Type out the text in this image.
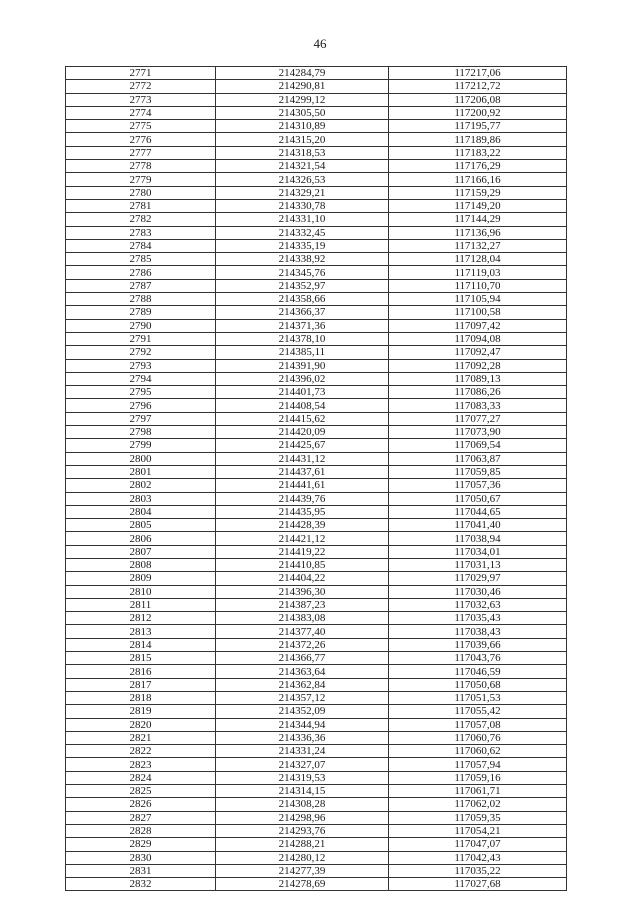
46
2771	214284,79	117217,06
2772	214290,81	117212,72
2773	214299,12	117206,08
2774	214305,50	117200,92
2775	214310,89	117195,77
2776	214315,20	117189,86
2777	214318,53	117183,22
2778	214321,54	117176,29
2779	214326,53	117166,16
2780	214329,21	117159,29
2781	214330,78	117149,20
2782	214331,10	117144,29
2783	214332,45	117136,96
2784	214335,19	117132,27
2785	214338,92	117128,04
2786	214345,76	117119,03
2787	214352,97	117110,70
2788	214358,66	117105,94
2789	214366,37	117100,58
2790	214371,36	117097,42
2791	214378,10	117094,08
2792	214385,11	117092,47
2793	214391,90	117092,28
2794	214396,02	117089,13
2795	214401,73	117086,26
2796	214408,54	117083,33
2797	214415,62	117077,27
2798	214420,09	117073,90
2799	214425,67	117069,54
2800	214431,12	117063,87
2801	214437,61	117059,85
2802	214441,61	117057,36
2803	214439,76	117050,67
2804	214435,95	117044,65
2805	214428,39	117041,40
2806	214421,12	117038,94
2807	214419,22	117034,01
2808	214410,85	117031,13
2809	214404,22	117029,97
2810	214396,30	117030,46
2811	214387,23	117032,63
2812	214383,08	117035,43
2813	214377,40	117038,43
2814	214372,26	117039,66
2815	214366,77	117043,76
2816	214363,64	117046,59
2817	214362,84	117050,68
2818	214357,12	117051,53
2819	214352,09	117055,42
2820	214344,94	117057,08
2821	214336,36	117060,76
2822	214331,24	117060,62
2823	214327,07	117057,94
2824	214319,53	117059,16
2825	214314,15	117061,71
2826	214308,28	117062,02
2827	214298,96	117059,35
2828	214293,76	117054,21
2829	214288,21	117047,07
2830	214280,12	117042,43
2831	214277,39	117035,22
2832	214278,69	117027,68
